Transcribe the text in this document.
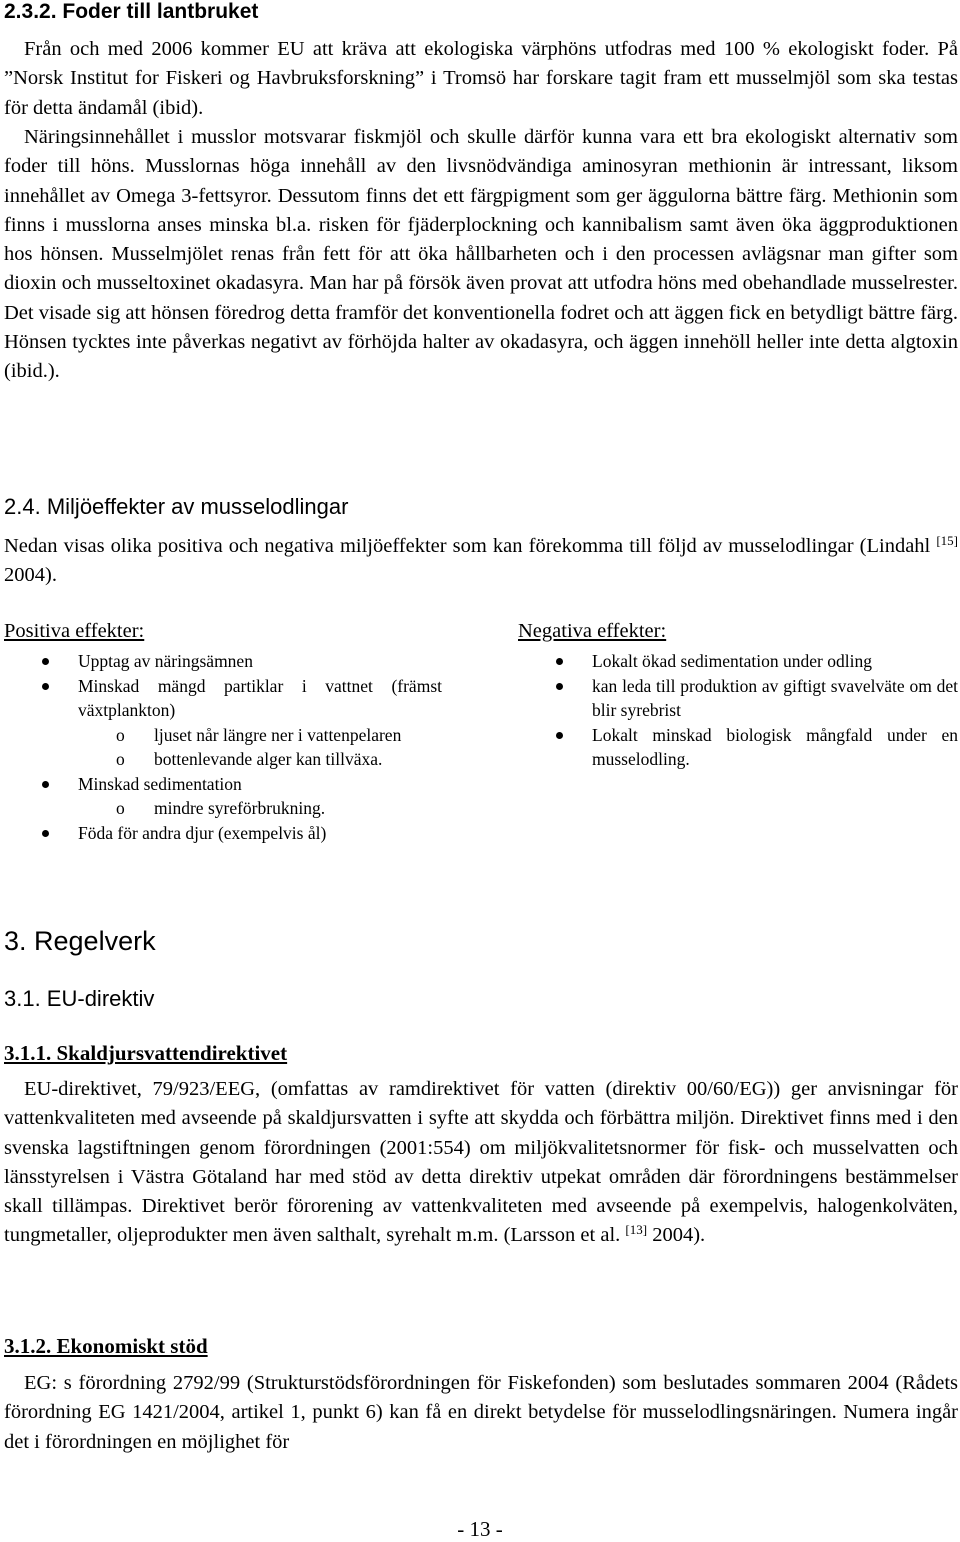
2.3.2. Foder till lantbruket

Från och med 2006 kommer EU att kräva att ekologiska värphöns utfodras med 100 % ekologiskt foder. På ”Norsk Institut for Fiskeri og Havbruksforskning” i Tromsö har forskare tagit fram ett musselmjöl som ska testas för detta ändamål (ibid).

Näringsinnehållet i musslor motsvarar fiskmjöl och skulle därför kunna vara ett bra ekologiskt alternativ som foder till höns. Musslornas höga innehåll av den livsnödvändiga aminosyran methionin är intressant, liksom innehållet av Omega 3-fettsyror. Dessutom finns det ett färgpigment som ger äggulorna bättre färg. Methionin som finns i musslorna anses minska bl.a. risken för fjäderplockning och kannibalism samt även öka äggproduktionen hos hönsen. Musselmjölet renas från fett för att öka hållbarheten och i den processen avlägsnar man gifter som dioxin och musseltoxinet okadasyra. Man har på försök även provat att utfodra höns med obehandlade musselrester. Det visade sig att hönsen föredrog detta framför det konventionella fodret och att äggen fick en betydligt bättre färg. Hönsen tycktes inte påverkas negativt av förhöjda halter av okadasyra, och äggen innehöll heller inte detta algtoxin (ibid.).

2.4. Miljöeffekter av musselodlingar

Nedan visas olika positiva och negativa miljöeffekter som kan förekomma till följd av musselodlingar (Lindahl [15] 2004).

Positiva effekter:
Upptag av näringsämnen
Minskad mängd partiklar i vattnet (främst växtplankton)
o ljuset når längre ner i vattenpelaren
o bottenlevande alger kan tillväxa.
Minskad sedimentation
o mindre syreförbrukning.
Föda för andra djur (exempelvis ål)
Negativa effekter:
Lokalt ökad sedimentation under odling
kan leda till produktion av giftigt svavelväte om det blir syrebrist
Lokalt minskad biologisk mångfald under en musselodling.
3. Regelverk
3.1. EU-direktiv
3.1.1. Skaldjursvattendirektivet

EU-direktivet, 79/923/EEG, (omfattas av ramdirektivet för vatten (direktiv 00/60/EG)) ger anvisningar för vattenkvaliteten med avseende på skaldjursvatten i syfte att skydda och förbättra miljön. Direktivet finns med i den svenska lagstiftningen genom förordningen (2001:554) om miljökvalitetsnormer för fisk- och musselvatten och länsstyrelsen i Västra Götaland har med stöd av detta direktiv utpekat områden där förordningens bestämmelser skall tillämpas. Direktivet berör förorening av vattenkvaliteten med avseende på exempelvis, halogenkolväten, tungmetaller, oljeprodukter men även salthalt, syrehalt m.m. (Larsson et al. [13] 2004).

3.1.2. Ekonomiskt stöd

EG: s förordning 2792/99 (Strukturstödsförordningen för Fiskefonden) som beslutades sommaren 2004 (Rådets förordning EG 1421/2004, artikel 1, punkt 6) kan få en direkt betydelse för musselodlingsnäringen. Numera ingår det i förordningen en möjlighet för

- 13 -
